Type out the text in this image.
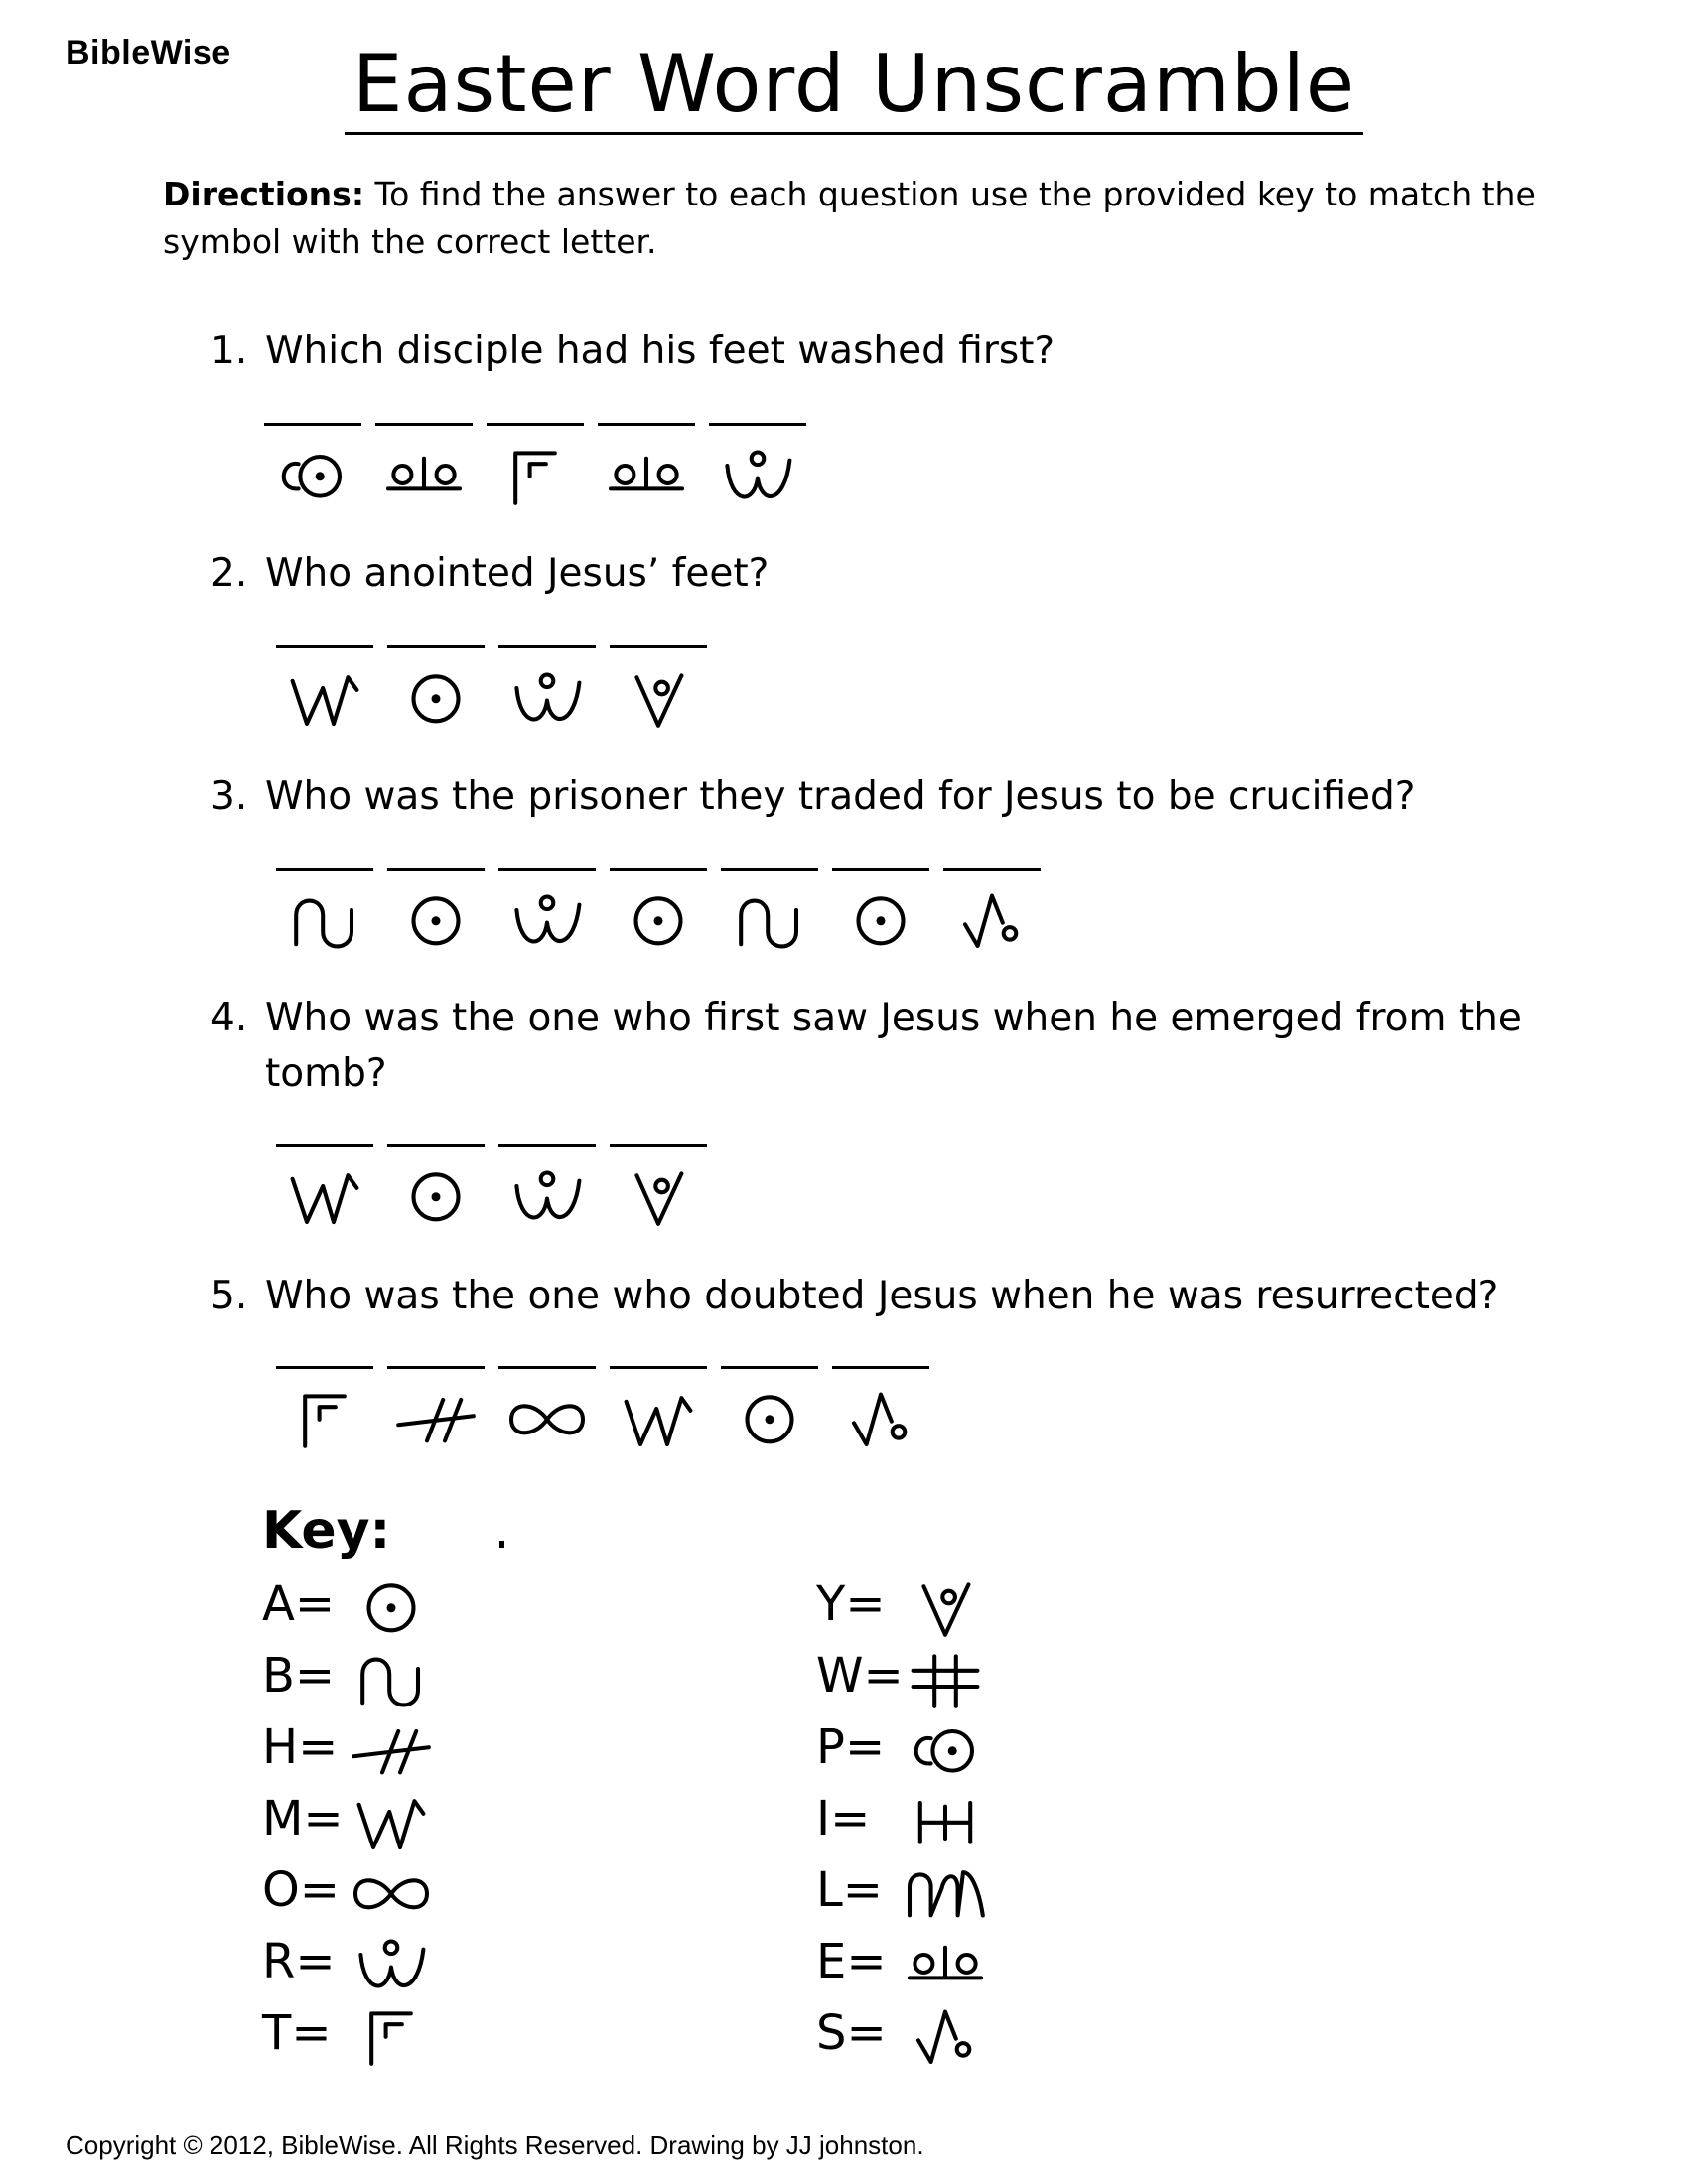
BibleWise	Easter Word Unscramble
Directions: To find the answer to each question use the provided key to match the symbol with the correct letter.
1. Which disciple had his feet washed first?
2. Who anointed Jesus’ feet?
3. Who was the prisoner they traded for Jesus to be crucified?
4. Who was the one who first saw Jesus when he emerged from the
tomb?
5. Who was the one who doubted Jesus when he was resurrected?
Key:
A=
B=
H=
M=
O=
R=
T=
Y=
W=
P=
I=
L=
E=
S=
Copyright © 2012, BibleWise. All Rights Reserved. Drawing by JJ johnston.
